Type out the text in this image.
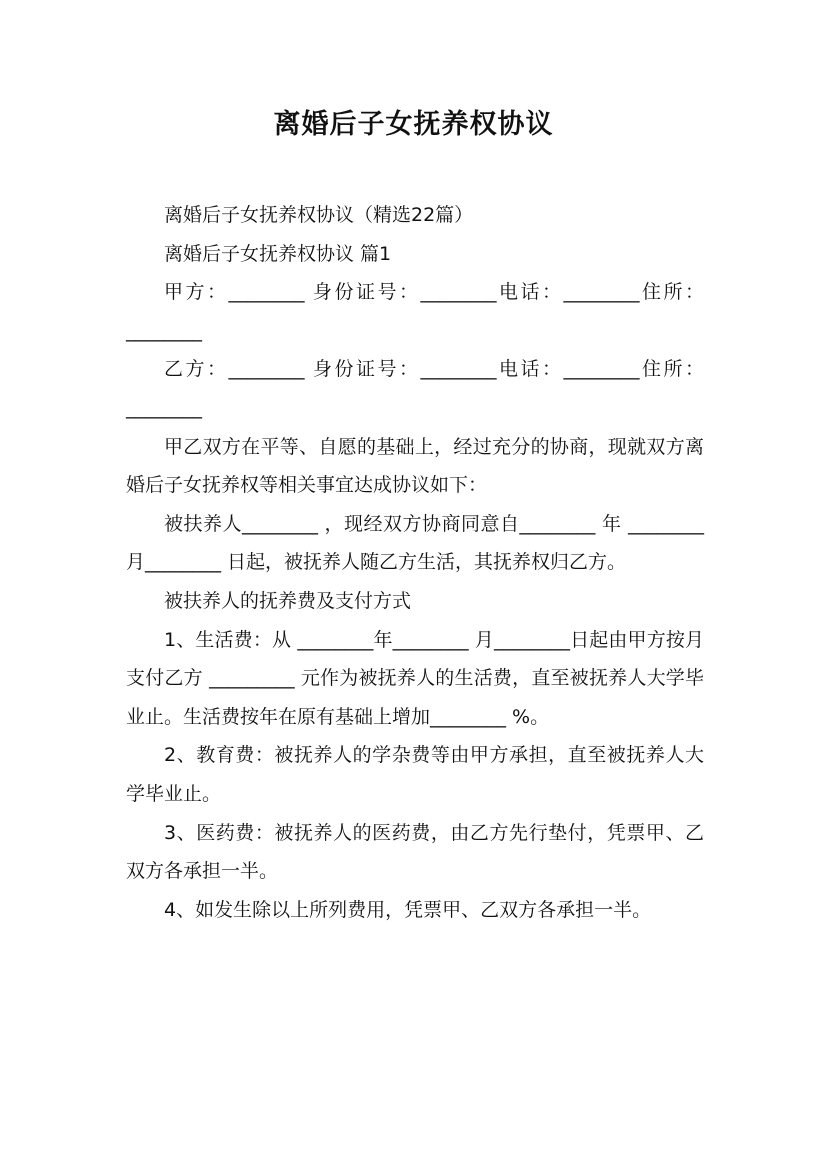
离婚后子女抚养权协议

离婚后子女抚养权协议（精选22篇）

离婚后子女抚养权协议 篇1

甲方：________ 身份证号：________电话：________住所：________

乙方：________ 身份证号：________电话：________住所：________

甲乙双方在平等、自愿的基础上，经过充分的协商，现就双方离婚后子女抚养权等相关事宜达成协议如下：

被扶养人________ ，现经双方协商同意自________ 年 ________月________ 日起，被抚养人随乙方生活，其抚养权归乙方。

被扶养人的抚养费及支付方式

1、生活费：从 ________年________ 月________日起由甲方按月支付乙方 _________ 元作为被抚养人的生活费，直至被抚养人大学毕业止。生活费按年在原有基础上增加________ %。

2、教育费：被抚养人的学杂费等由甲方承担，直至被抚养人大学毕业止。

3、医药费：被抚养人的医药费，由乙方先行垫付，凭票甲、乙双方各承担一半。

4、如发生除以上所列费用，凭票甲、乙双方各承担一半。
